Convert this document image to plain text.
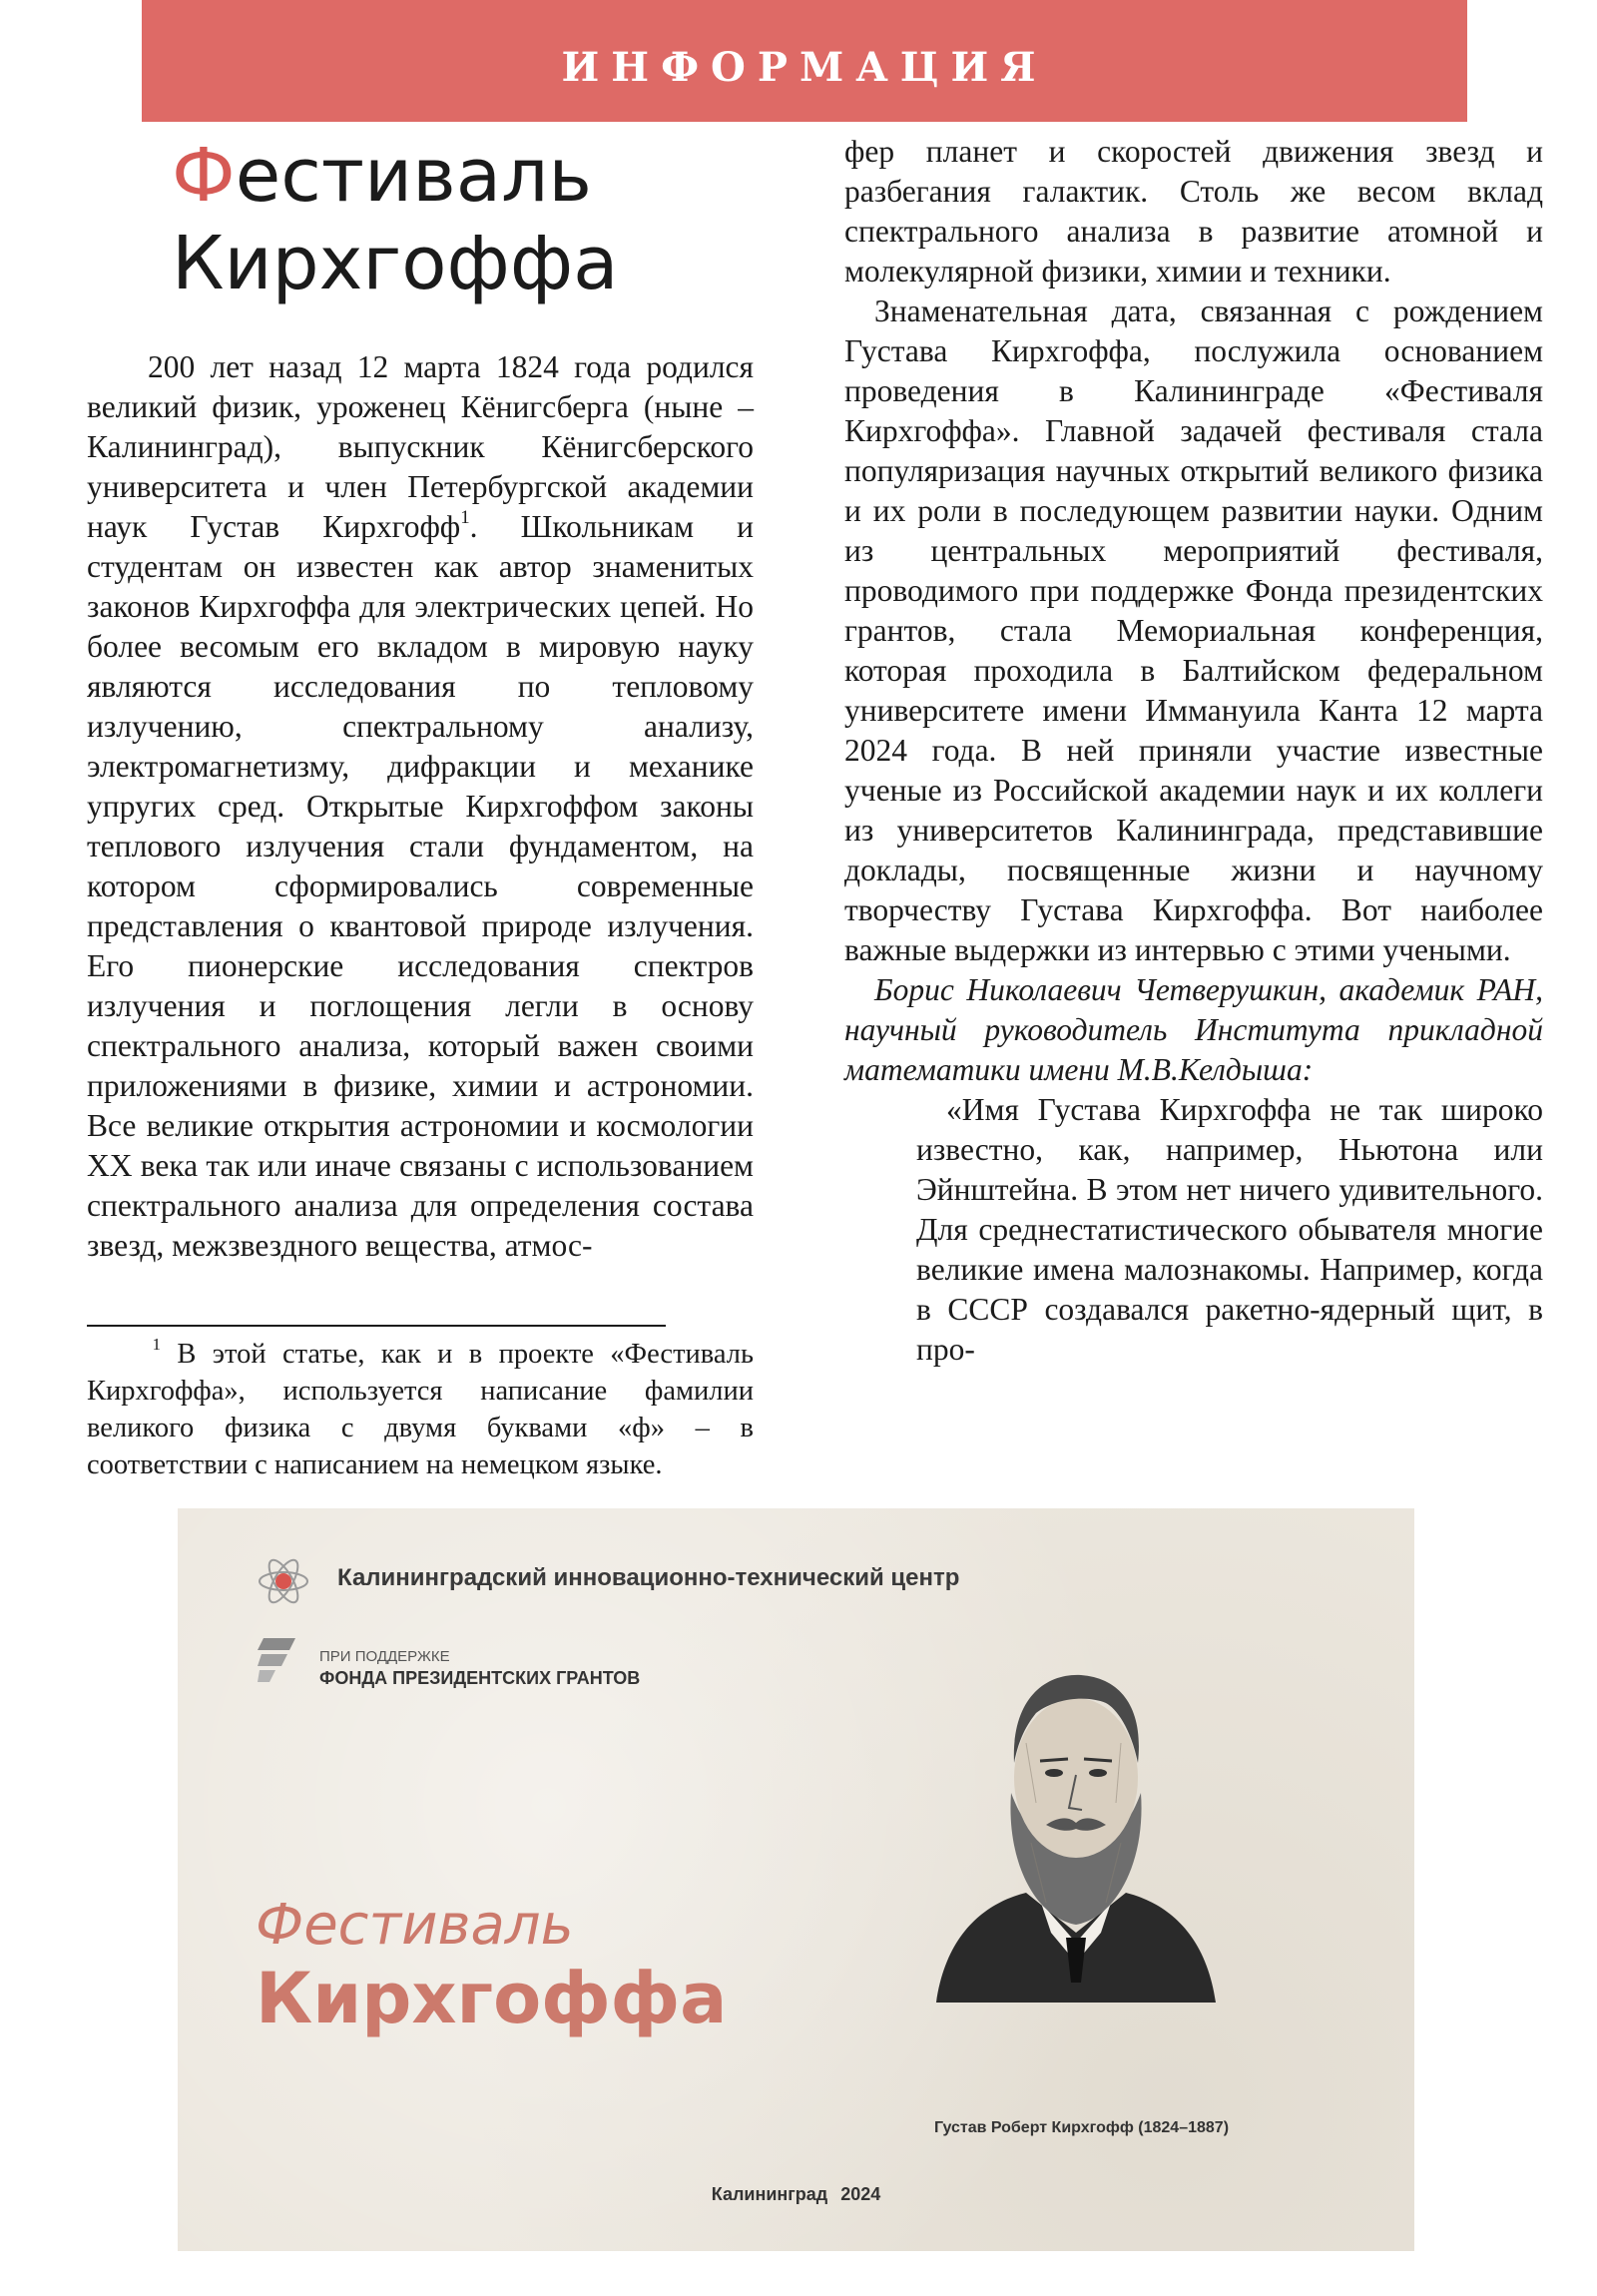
ИНФОРМАЦИЯ
Фестиваль
Кирхгоффа

200 лет назад 12 марта 1824 года родился великий физик, уроженец Кёнигсберга (ныне – Калининград), выпускник Кёнигсберского университета и член Петербургской академии наук Густав Кирхгофф$^1$. Школьникам и студентам он известен как автор знаменитых законов Кирхгоффа для электрических цепей. Но более весомым его вкладом в мировую науку являются исследования по тепловому излучению, спектральному анализу, электромагнетизму, дифракции и механике упругих сред. Открытые Кирхгоффом законы теплового излучения стали фундаментом, на котором сформировались современные представления о квантовой природе излучения. Его пионерские исследования спектров излучения и поглощения легли в основу спектрального анализа, который важен своими приложениями в физике, химии и астрономии. Все великие открытия астрономии и космологии XX века так или иначе связаны с использованием спектрального анализа для определения состава звезд, межзвездного вещества, атмос-

$^1$ В этой статье, как и в проекте «Фестиваль Кирхгоффа», используется написание фамилии великого физика с двумя буквами «ф» – в соответствии с написанием на немецком языке.

фер планет и скоростей движения звезд и разбегания галактик. Столь же весом вклад спектрального анализа в развитие атомной и молекулярной физики, химии и техники.

Знаменательная дата, связанная с рождением Густава Кирхгоффа, послужила основанием проведения в Калининграде «Фестиваля Кирхгоффа». Главной задачей фестиваля стала популяризация научных открытий великого физика и их роли в последующем развитии науки. Одним из центральных мероприятий фестиваля, проводимого при поддержке Фонда президентских грантов, стала Мемориальная конференция, которая проходила в Балтийском федеральном университете имени Иммануила Канта 12 марта 2024 года. В ней приняли участие известные ученые из Российской академии наук и их коллеги из университетов Калининграда, представившие доклады, посвященные жизни и научному творчеству Густава Кирхгоффа. Вот наиболее важные выдержки из интервью с этими учеными.

Борис Николаевич Четверушкин, академик РАН, научный руководитель Института прикладной математики имени М.В.Келдыша:

«Имя Густава Кирхгоффа не так широко известно, как, например, Ньютона или Эйнштейна. В этом нет ничего удивительного. Для среднестатистического обывателя многие великие имена малознакомы. Например, когда в СССР создавался ракетно-ядерный щит, в про-

Калининградский инновационно-технический центр
ПРИ ПОДДЕРЖКЕ
ФОНДА ПРЕЗИДЕНТСКИХ ГРАНТОВ
Фестиваль
Кирхгоффа
Густав Роберт Кирхгофф (1824–1887)
Калининград 2024
